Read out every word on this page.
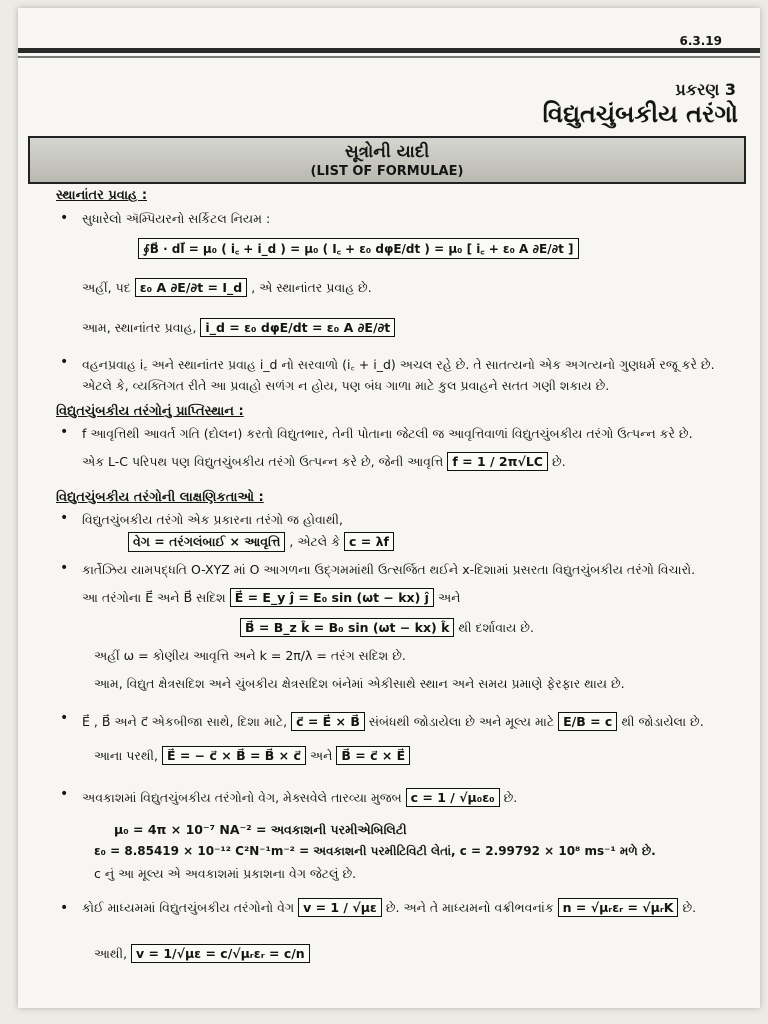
6.3.19
પ્રકરણ 3
વિદ્યુતચુંબકીય તરંગો
સૂત્રોની યાદી
(LIST OF FORMULAE)
સ્થાનાંતર પ્રવાહ :
• સુધારેલો ઍમ્પિયરનો સર્કિટલ નિયમ :
∮B⃗ · dl⃗ = μ₀ ( i꜀ + i_d ) = μ₀ ( I꜀ + ε₀ dφE/dt ) = μ₀ [ i꜀ + ε₀ A ∂E/∂t ]
અહીં, પદ ε₀ A ∂E/∂t = I_d , એ સ્થાનાંતર પ્રવાહ છે.
આમ, સ્થાનાંતર પ્રવાહ, i_d = ε₀ dφE/dt = ε₀ A ∂E/∂t
• વહનપ્રવાહ i꜀ અને સ્થાનાંતર પ્રવાહ i_d નો સરવાળો (i꜀ + i_d) અચલ રહે છે. તે સાતત્યનો એક અગત્યનો ગુણધર્મ રજૂ કરે છે.
એટલે કે, વ્યક્તિગત રીતે આ પ્રવાહો સળંગ ન હોય, પણ બંધ ગાળા માટે કુલ પ્રવાહને સતત ગણી શકાય છે.
વિદ્યુતચુંબકીય તરંગોનું પ્રાપ્તિસ્થાન :
• f આવૃત્તિથી આવર્ત ગતિ (દોલન) કરતો વિદ્યુતભાર, તેની પોતાના જેટલી જ આવૃત્તિવાળાં વિદ્યુતચુંબકીય તરંગો ઉત્પન્ન કરે છે.
એક L-C પરિપથ પણ વિદ્યુતચુંબકીય તરંગો ઉત્પન્ન કરે છે, જેની આવૃત્તિ f = 1 / 2π√LC છે.
વિદ્યુતચુંબકીય તરંગોની લાક્ષણિકતાઓ :
• વિદ્યુતચુંબકીય તરંગો એક પ્રકારના તરંગો જ હોવાથી,
વેગ = તરંગલંબાઈ × આવૃત્તિ , એટલે કે c = λf
• કાર્તેઝિય યામપદ્ધતિ O-XYZ માં O આગળના ઉદ્‌ગમમાંથી ઉત્સર્જિત થઈને x-દિશામાં પ્રસરતા વિદ્યુતચુંબકીય તરંગો વિચારો.
આ તરંગોના E⃗ અને B⃗ સદિશ E⃗ = E_y ĵ = E₀ sin (ωt − kx) ĵ અને
B⃗ = B_z k̂ = B₀ sin (ωt − kx) k̂ થી દર્શાવાય છે.
અહીં ω = કોણીય આવૃત્તિ અને k = 2π/λ = તરંગ સદિશ છે.
આમ, વિદ્યુત ક્ષેત્રસદિશ અને ચુંબકીય ક્ષેત્રસદિશ બંનેમાં એકીસાથે સ્થાન અને સમય પ્રમાણે ફેરફાર થાય છે.
• E⃗ , B⃗ અને c⃗ એકબીજા સાથે, દિશા માટે, c⃗ = E⃗ × B⃗ સંબંધથી જોડાયેલા છે અને મૂલ્ય માટે E/B = c થી જોડાયેલા છે.
આના પરથી, E⃗ = − c⃗ × B⃗ = B⃗ × c⃗ અને B⃗ = c⃗ × E⃗
• અવકાશમાં વિદ્યુતચુંબકીય તરંગોનો વેગ, મેક્સવેલે તારવ્યા મુજબ c = 1 / √μ₀ε₀ છે.
μ₀ = 4π × 10⁻⁷ NA⁻² = અવકાશની પરમીએબિલિટી
ε₀ = 8.85419 × 10⁻¹² C²N⁻¹m⁻² = અવકાશની પરમીટિવિટી લેતાં, c = 2.99792 × 10⁸ ms⁻¹ મળે છે.
c નું આ મૂલ્ય એ અવકાશમાં પ્રકાશના વેગ જેટલું છે.
• કોઈ માધ્યમમાં વિદ્યુતચુંબકીય તરંગોનો વેગ v = 1 / √με છે. અને તે માધ્યમનો વક્રીભવનાંક n = √μᵣεᵣ = √μᵣK છે.
આથી, v = 1/√με = c/√μᵣεᵣ = c/n
